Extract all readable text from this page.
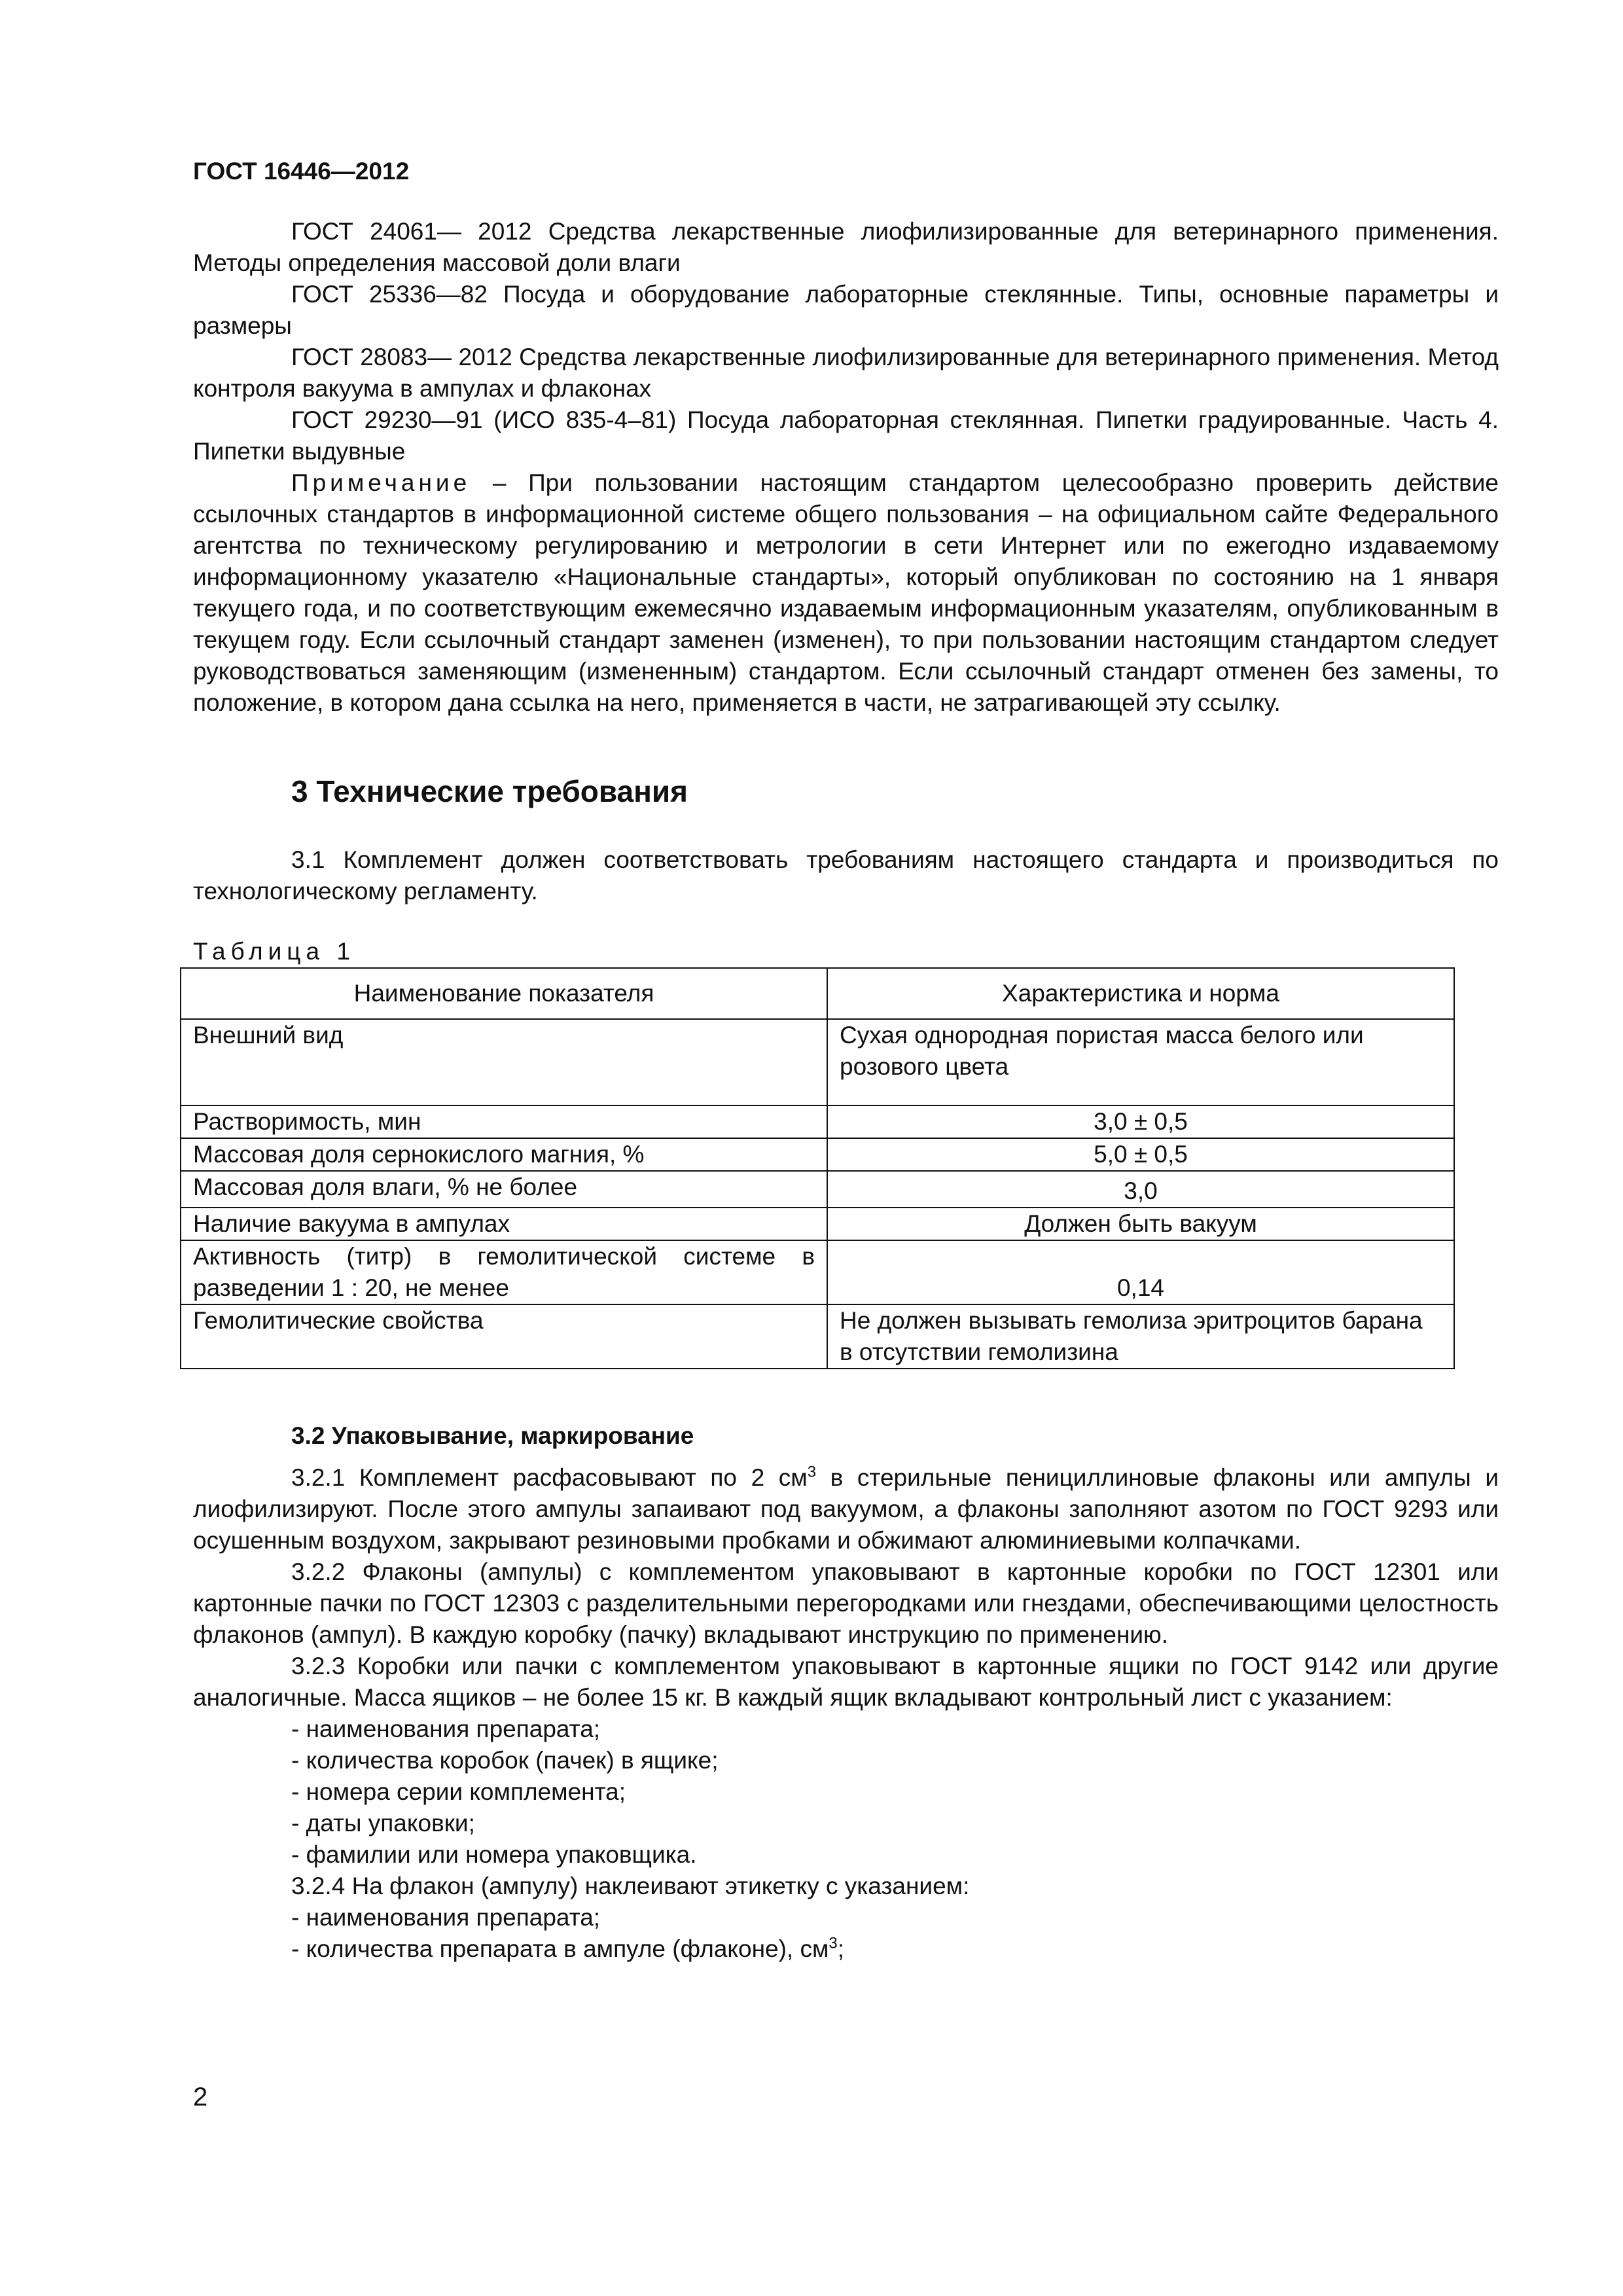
ГОСТ 16446—2012

ГОСТ 24061— 2012 Средства лекарственные лиофилизированные для ветеринарного применения. Методы определения массовой доли влаги

ГОСТ 25336—82 Посуда и оборудование лабораторные стеклянные. Типы, основные параметры и размеры

ГОСТ 28083— 2012 Средства лекарственные лиофилизированные для ветеринарного применения. Метод контроля вакуума в ампулах и флаконах

ГОСТ 29230—91 (ИСО 835-4–81) Посуда лабораторная стеклянная. Пипетки градуированные. Часть 4. Пипетки выдувные

Примечание – При пользовании настоящим стандартом целесообразно проверить действие ссылочных стандартов в информационной системе общего пользования – на официальном сайте Федерального агентства по техническому регулированию и метрологии в сети Интернет или по ежегодно издаваемому информационному указателю «Национальные стандарты», который опубликован по состоянию на 1 января текущего года, и по соответствующим ежемесячно издаваемым информационным указателям, опубликованным в текущем году. Если ссылочный стандарт заменен (изменен), то при пользовании настоящим стандартом следует руководствоваться заменяющим (измененным) стандартом. Если ссылочный стандарт отменен без замены, то положение, в котором дана ссылка на него, применяется в части, не затрагивающей эту ссылку.

3 Технические требования

3.1 Комплемент должен соответствовать требованиям настоящего стандарта и производиться по технологическому регламенту.

Таблица 1
Наименование показателя	Характеристика и норма
Внешний вид	Сухая однородная пористая масса белого или розового цвета
Растворимость, мин	3,0 ± 0,5
Массовая доля сернокислого магния, %	5,0 ± 0,5
Массовая доля влаги, % не более	3,0
Наличие вакуума в ампулах	Должен быть вакуум
Активность (титр) в гемолитической системе в разведении 1 : 20, не менее	0,14
Гемолитические свойства	Не должен вызывать гемолиза эритроцитов барана в отсутствии гемолизина
3.2 Упаковывание, маркирование

3.2.1 Комплемент расфасовывают по 2 $см^3$ в стерильные пенициллиновые флаконы или ампулы и лиофилизируют. После этого ампулы запаивают под вакуумом, а флаконы заполняют азотом по ГОСТ 9293 или осушенным воздухом, закрывают резиновыми пробками и обжимают алюминиевыми колпачками.

3.2.2 Флаконы (ампулы) с комплементом упаковывают в картонные коробки по ГОСТ 12301 или картонные пачки по ГОСТ 12303 с разделительными перегородками или гнездами, обеспечивающими целостность флаконов (ампул). В каждую коробку (пачку) вкладывают инструкцию по применению.

3.2.3 Коробки или пачки с комплементом упаковывают в картонные ящики по ГОСТ 9142 или другие аналогичные. Масса ящиков – не более 15 кг. В каждый ящик вкладывают контрольный лист с указанием:

- наименования препарата;
- количества коробок (пачек) в ящике;
- номера серии комплемента;
- даты упаковки;
- фамилии или номера упаковщика.

3.2.4 На флакон (ампулу) наклеивают этикетку с указанием:

- наименования препарата;
- количества препарата в ампуле (флаконе), $см^3$;
2
